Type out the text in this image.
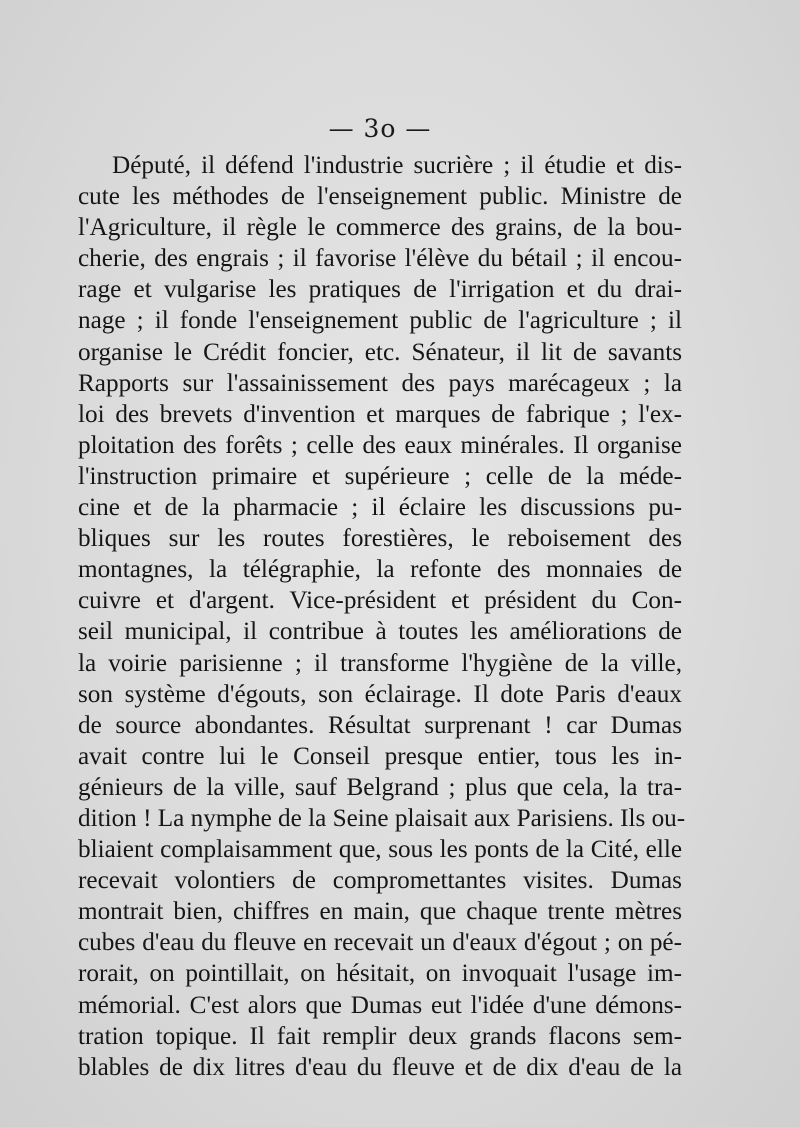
— 3o —
Député, il défend l'industrie sucrière ; il étudie et dis-
cute les méthodes de l'enseignement public. Ministre de
l'Agriculture, il règle le commerce des grains, de la bou-
cherie, des engrais ; il favorise l'élève du bétail ; il encou-
rage et vulgarise les pratiques de l'irrigation et du drai-
nage ; il fonde l'enseignement public de l'agriculture ; il
organise le Crédit foncier, etc. Sénateur, il lit de savants
Rapports sur l'assainissement des pays marécageux ; la
loi des brevets d'invention et marques de fabrique ; l'ex-
ploitation des forêts ; celle des eaux minérales. Il organise
l'instruction primaire et supérieure ; celle de la méde-
cine et de la pharmacie ; il éclaire les discussions pu-
bliques sur les routes forestières, le reboisement des
montagnes, la télégraphie, la refonte des monnaies de
cuivre et d'argent. Vice-président et président du Con-
seil municipal, il contribue à toutes les améliorations de
la voirie parisienne ; il transforme l'hygiène de la ville,
son système d'égouts, son éclairage. Il dote Paris d'eaux
de source abondantes. Résultat surprenant ! car Dumas
avait contre lui le Conseil presque entier, tous les in-
génieurs de la ville, sauf Belgrand ; plus que cela, la tra-
dition ! La nymphe de la Seine plaisait aux Parisiens. Ils ou-
bliaient complaisamment que, sous les ponts de la Cité, elle
recevait volontiers de compromettantes visites. Dumas
montrait bien, chiffres en main, que chaque trente mètres
cubes d'eau du fleuve en recevait un d'eaux d'égout ; on pé-
rorait, on pointillait, on hésitait, on invoquait l'usage im-
mémorial. C'est alors que Dumas eut l'idée d'une démons-
tration topique. Il fait remplir deux grands flacons sem-
blables de dix litres d'eau du fleuve et de dix d'eau de la
